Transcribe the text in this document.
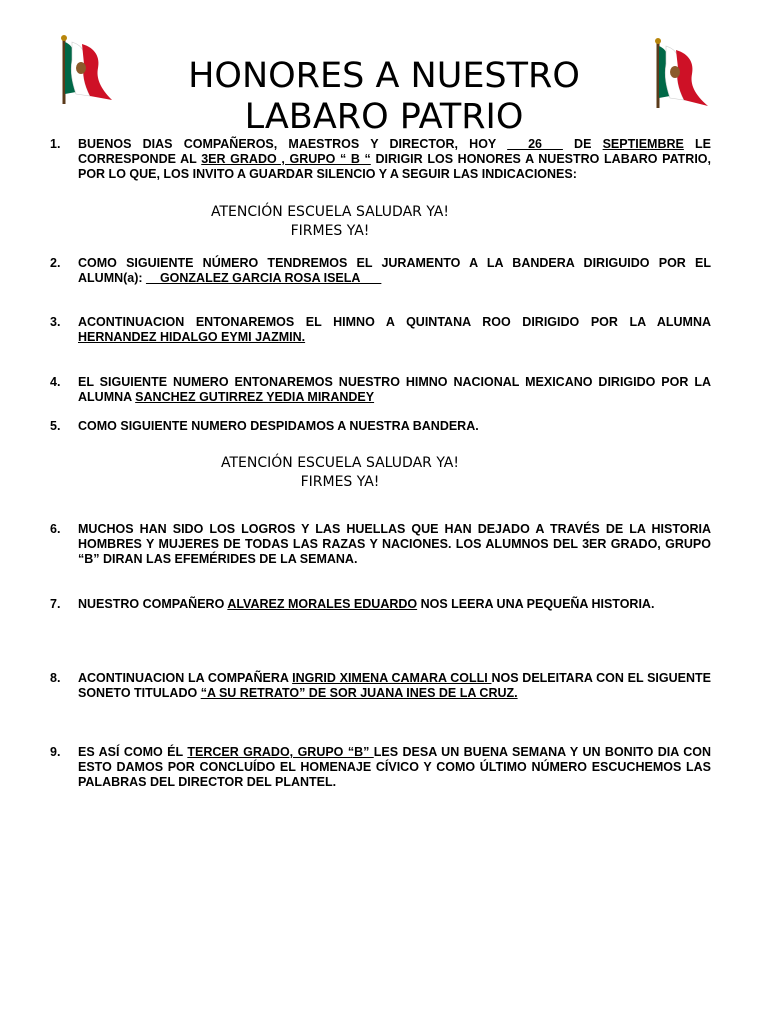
HONORES A NUESTRO
LABARO PATRIO
1.	BUENOS DIAS COMPAÑEROS, MAESTROS Y DIRECTOR, HOY ___26___ DE SEPTIEMBRE LE CORRESPONDE AL 3ER GRADO , GRUPO “ B “ DIRIGIR LOS HONORES A NUESTRO LABARO PATRIO, POR LO QUE, LOS INVITO A GUARDAR SILENCIO Y A SEGUIR LAS INDICACIONES:
ATENCIÓN ESCUELA SALUDAR YA!
FIRMES YA!
2.	COMO SIGUIENTE NÚMERO TENDREMOS EL JURAMENTO A LA BANDERA DIRIGUIDO POR EL ALUMN(a): __GONZALEZ GARCIA ROSA ISELA___
3.	ACONTINUACION ENTONAREMOS EL HIMNO A QUINTANA ROO DIRIGIDO POR LA ALUMNA HERNANDEZ HIDALGO EYMI JAZMIN.
4.	EL SIGUIENTE NUMERO ENTONAREMOS NUESTRO HIMNO NACIONAL MEXICANO DIRIGIDO POR LA ALUMNA SANCHEZ GUTIRREZ YEDIA MIRANDEY
5.	COMO SIGUIENTE NUMERO DESPIDAMOS A NUESTRA BANDERA.
ATENCIÓN ESCUELA SALUDAR YA!
FIRMES YA!
6.	MUCHOS HAN SIDO LOS LOGROS Y LAS HUELLAS QUE HAN DEJADO A TRAVÉS DE LA HISTORIA HOMBRES Y MUJERES DE TODAS LAS RAZAS Y NACIONES. LOS ALUMNOS DEL 3ER GRADO, GRUPO “B” DIRAN LAS EFEMÉRIDES DE LA SEMANA.
7.	NUESTRO COMPAÑERO ALVAREZ MORALES EDUARDO NOS LEERA UNA PEQUEÑA HISTORIA.
8.	ACONTINUACION LA COMPAÑERA INGRID XIMENA CAMARA COLLI NOS DELEITARA CON EL SIGUENTE SONETO TITULADO “A SU RETRATO” DE SOR JUANA INES DE LA CRUZ.
9.	ES ASÍ COMO ÉL TERCER GRADO, GRUPO “B” LES DESA UN BUENA SEMANA Y UN BONITO DIA CON ESTO DAMOS POR CONCLUÍDO EL HOMENAJE CÍVICO Y COMO ÚLTIMO NÚMERO ESCUCHEMOS LAS PALABRAS DEL DIRECTOR DEL PLANTEL.
